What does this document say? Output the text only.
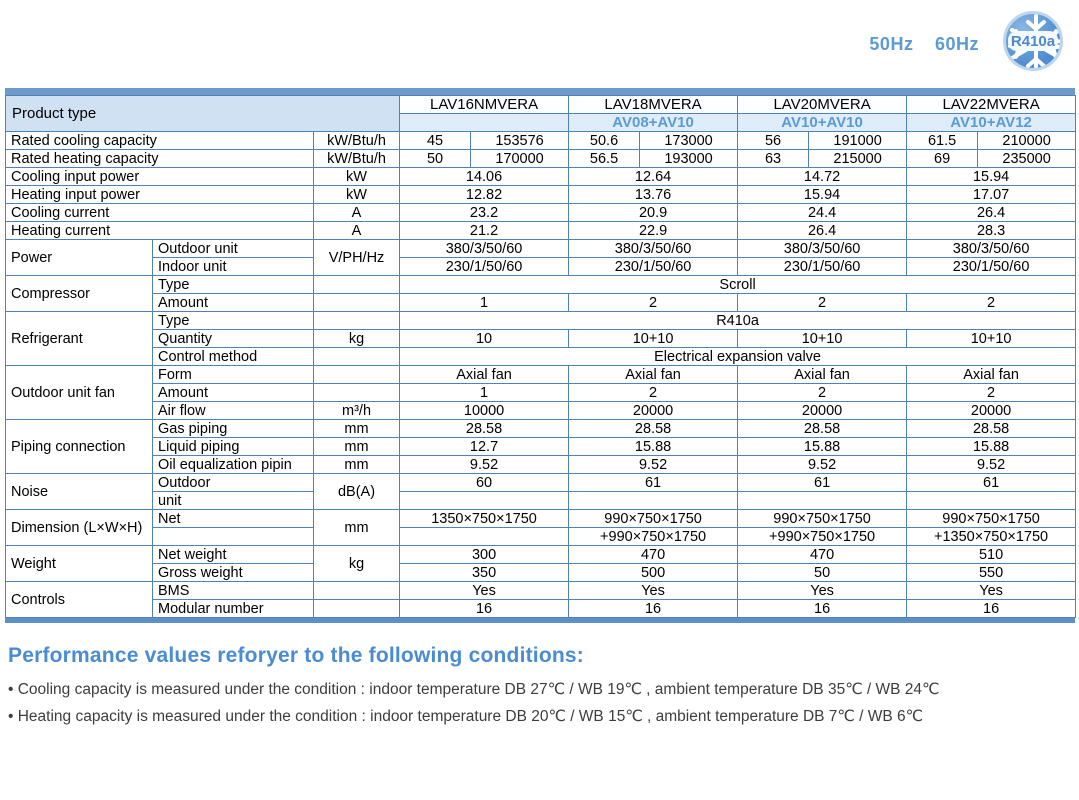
50Hz 60Hz R410a
Product type			LAV16NMVERA		LAV18MVERA		LAV20MVERA		LAV22MVERA	
					AV08+AV10		AV10+AV10		AV10+AV12	
Rated cooling capacity		kW/Btu/h	45	153576	50.6	173000	56	191000	61.5	210000
Rated heating capacity		kW/Btu/h	50	170000	56.5	193000	63	215000	69	235000
Cooling input power		kW	14.06		12.64		14.72		15.94	
Heating input power		kW	12.82		13.76		15.94		17.07	
Cooling current		A	23.2		20.9		24.4		26.4	
Heating current		A	21.2		22.9		26.4		28.3	
Power	Outdoor unit	V/PH/Hz	380/3/50/60		380/3/50/60		380/3/50/60		380/3/50/60	
	Indoor unit		230/1/50/60		230/1/50/60		230/1/50/60		230/1/50/60	
Compressor	Type		Scroll							
	Amount		1		2		2		2	
Refrigerant	Type		R410a							
	Quantity	kg	10		10+10		10+10		10+10	
	Control method		Electrical expansion valve							
Outdoor unit fan	Form		Axial fan		Axial fan		Axial fan		Axial fan	
	Amount		1		2		2		2	
	Air flow	m³/h	10000		20000		20000		20000	
Piping connection	Gas piping	mm	28.58		28.58		28.58		28.58	
	Liquid piping	mm	12.7		15.88		15.88		15.88	
	Oil equalization pipin	mm	9.52		9.52		9.52		9.52	
Noise	Outdoor	dB(A)	60		61		61		61	
	unit									
Dimension (L×W×H)	Net	mm	1350×750×1750		990×750×1750		990×750×1750		990×750×1750	
					+990×750×1750		+990×750×1750		+1350×750×1750	
Weight	Net weight	kg	300		470		470		510	
	Gross weight		350		500		50		550	
Controls	BMS		Yes		Yes		Yes		Yes	
	Modular number		16		16		16		16	
Performance values reforyer to the following conditions:

• Cooling capacity is measured under the condition : indoor temperature DB 27℃ / WB 19℃ , ambient temperature DB 35℃ / WB 24℃

• Heating capacity is measured under the condition : indoor temperature DB 20℃ / WB 15℃ , ambient temperature DB 7℃ / WB 6℃
